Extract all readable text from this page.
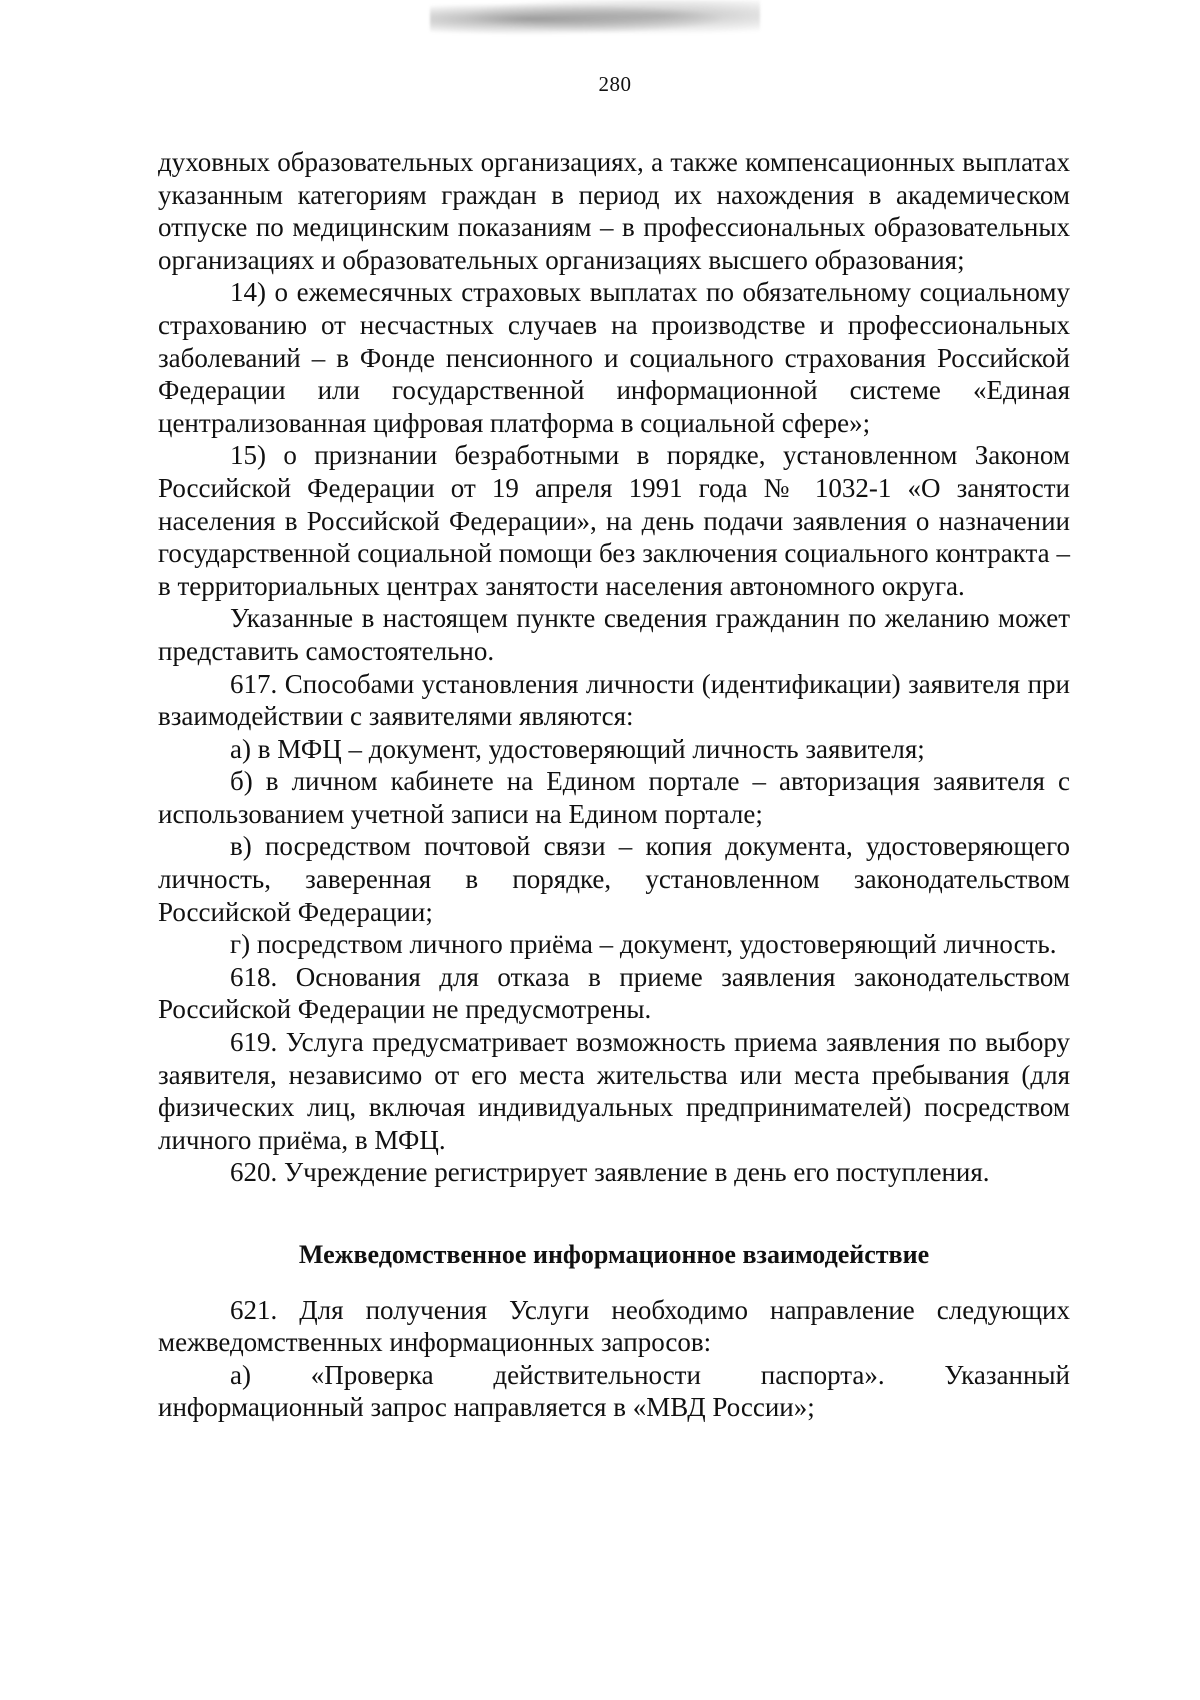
280

духовных образовательных организациях, а также компенсационных выплатах указанным категориям граждан в период их нахождения в академическом отпуске по медицинским показаниям – в профессиональных образовательных организациях и образовательных организациях высшего образования;

14) о ежемесячных страховых выплатах по обязательному социальному страхованию от несчастных случаев на производстве и профессиональных заболеваний – в Фонде пенсионного и социального страхования Российской Федерации или государственной информационной системе «Единая централизованная цифровая платформа в социальной сфере»;

15) о признании безработными в порядке, установленном Законом Российской Федерации от 19 апреля 1991 года № 1032-1 «О занятости населения в Российской Федерации», на день подачи заявления о назначении государственной социальной помощи без заключения социального контракта – в территориальных центрах занятости населения автономного округа.

Указанные в настоящем пункте сведения гражданин по желанию может представить самостоятельно.

617. Способами установления личности (идентификации) заявителя при взаимодействии с заявителями являются:

а) в МФЦ – документ, удостоверяющий личность заявителя;

б) в личном кабинете на Едином портале – авторизация заявителя с использованием учетной записи на Едином портале;

в) посредством почтовой связи – копия документа, удостоверяющего личность, заверенная в порядке, установленном законодательством Российской Федерации;

г) посредством личного приёма – документ, удостоверяющий личность.

618. Основания для отказа в приеме заявления законодательством Российской Федерации не предусмотрены.

619. Услуга предусматривает возможность приема заявления по выбору заявителя, независимо от его места жительства или места пребывания (для физических лиц, включая индивидуальных предпринимателей) посредством личного приёма, в МФЦ.

620. Учреждение регистрирует заявление в день его поступления.

Межведомственное информационное взаимодействие

621. Для получения Услуги необходимо направление следующих межведомственных информационных запросов:

а) «Проверка действительности паспорта». Указанный информационный запрос направляется в «МВД России»;
